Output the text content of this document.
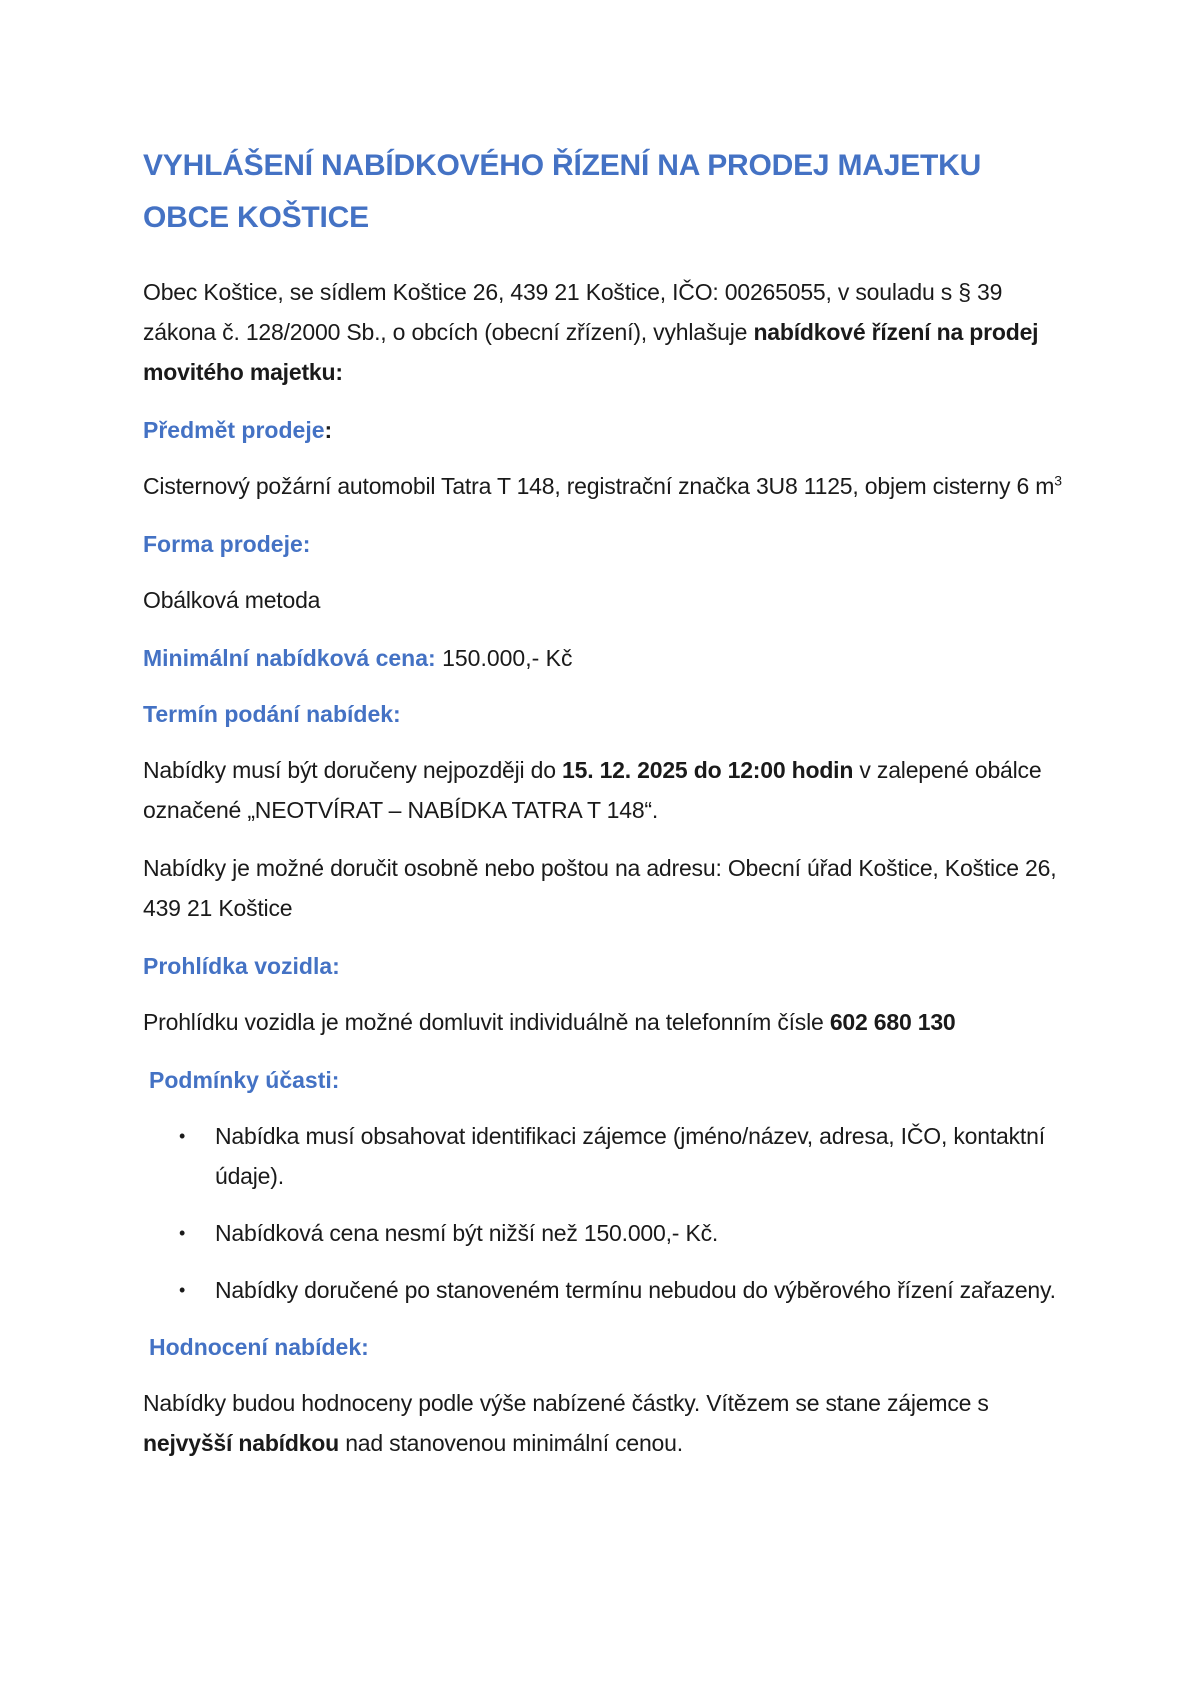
VYHLÁŠENÍ NABÍDKOVÉHO ŘÍZENÍ NA PRODEJ MAJETKU OBCE KOŠTICE

Obec Koštice, se sídlem Koštice 26, 439 21 Koštice, IČO: 00265055, v souladu s § 39 zákona č. 128/2000 Sb., o obcích (obecní zřízení), vyhlašuje nabídkové řízení na prodej movitého majetku:

Předmět prodeje:

Cisternový požární automobil Tatra T 148, registrační značka 3U8 1125, objem cisterny 6 $m^3$

Forma prodeje:

Obálková metoda

Minimální nabídková cena: 150.000,- Kč
Termín podání nabídek:

Nabídky musí být doručeny nejpozději do 15. 12. 2025 do 12:00 hodin v zalepené obálce označené „NEOTVÍRAT – NABÍDKA TATRA T 148“.

Nabídky je možné doručit osobně nebo poštou na adresu: Obecní úřad Koštice, Koštice 26, 439 21 Koštice

Prohlídka vozidla:

Prohlídku vozidla je možné domluvit individuálně na telefonním čísle 602 680 130

Podmínky účasti:
• Nabídka musí obsahovat identifikaci zájemce (jméno/název, adresa, IČO, kontaktní údaje).
• Nabídková cena nesmí být nižší než 150.000,- Kč.
• Nabídky doručené po stanoveném termínu nebudou do výběrového řízení zařazeny.
Hodnocení nabídek:

Nabídky budou hodnoceny podle výše nabízené částky. Vítězem se stane zájemce s nejvyšší nabídkou nad stanovenou minimální cenou.
